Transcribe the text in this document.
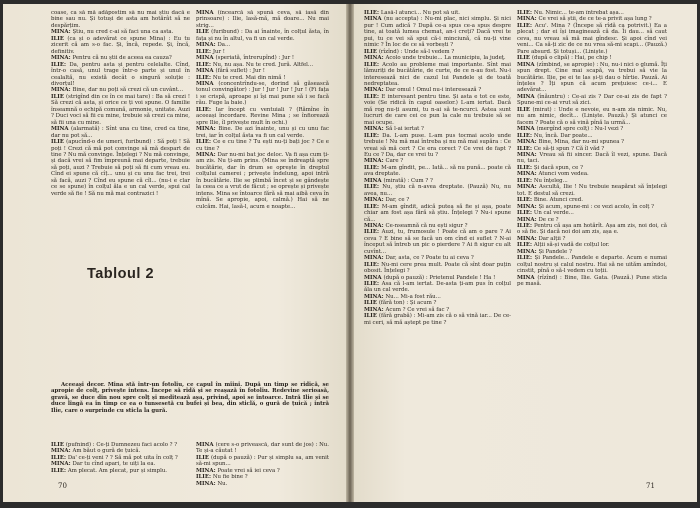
coase, ca să mă adăpostim sâ nu mai știu dacă e bine sau nu. Și totuși de asta am hotărât să ne despărțim.

MINA: Știu, nu cred c-ai să faci una ca asta.

ILIE (ca și o adevărat ce spune Mina) : Eu tu zicerit că am s-o fac. Și, încă, repede. Și, încă, definitiv.

MINA: Pentru că nu știi de aceea ea cauza?

ILIE: Da, pentru asta și pentru celelalte. Cînd, într-o casă, unul trage într-o parte și unul în cealaltă, nu există decât o singură soluție : divorțul!

MINA: Bine, dar nu poți să crezi că un cuvânt...

ILIE (strigînd din ce în ce mai tare) : Ba să crezi ! Să crezi că asta, și orice ce ți voi spune. O familie înseamnă o echipă comună, armonie, unitate. Auzi ? Duci voci să fii cu mine, trebuie să crezi ca mine, să fii una cu mine.

MINA (alarmată) : Sînt una cu tine, cred ca tine, dar nu pot să...

ILIE (apucînd-o de umeri, furibund) : Să poți ! Să poți ! Crezi că mă pot convinge să mă despart de tine ? Nu mă convinge. Înțelegi ? Nu mă convinge, și dacă vrei să fim împreună mai departe, trebuie să poți, auzi ? Trebuie să poți să fii cum vreau eu. Cînd ei spune că cîț... unu și cu unu fac trei, trei să facă, auzi ? Cînd eu spune că cîl... (nu-i e clar ce se spune) în colțul ăla e un cal verde, spui cal verde să fie ! Să nu mă mai contrazici !

MINA (încearcă să spună ceva, să iasă din prinsoare) : Ilie, lasă-mă, mă doare... Nu mai strig...

ILIE (furibund) : Da ai înainte, în colțul ăsta, în fața și nu în altul, va fi un cal verde.

MINA: Da...

ILIE: Jur !

MINA (speriată, întrerupînd) : Jur !

ILIE: Nu, nu așa. Nu te cred. Jură. Altfel...

MINA (fără suflet) : Jur !

ILIE: Nu te cred. Mai din nimă !

MINA (concentrîndu-se, dorind să găsească tonul convingător) : Jur ! Jur ! Jur ! Jur ! (Fi fața i se crispă, aproape și își mai pune să i se facă rău. Fuge la baie.)

ILIE: Iar încept cu ventuiali ? (Rămîne în aceeași încordare. Revine Mina ; se înfiorează spre Ilie, îl privește mult în ochi.)

MINA: Bine. De azi înainte, unu și cu unu fac trei, iar în colțul ăsta va fi un cal verde.

ILIE: Ce e cu tine ? Tu ești nu-ți bați joc ? Ce e cu tine ?

MINA: Dar nu-mi bat joc deloc. Va fi așa cum ți-am zis. Nu ți-am prins. (Mina se îndreaptă spre bucătărie, dar în drum se oprește în dreptul colțului camerei ; privește îndelung, apoi intră în bucătărie. Ilie se plimbă încet și se gândește la ceea ce a vrut de făcut ; se oprește și privește intens. Mina se întoarce fără să mai aibă ceva în mînă. Se apropie, apoi, calmă.) Hai să ne culcăm. Hai, lasă-l, acum e noapte...

Tabloul 2

Aceeași decor. Mina stă într-un fotoliu, ce capul în mîini. După un timp se ridică, se apropie de colț, privește intens. Începe să rîdă și se reașază în fotoliu. Redevine serioasă, gravă, se duce din nou spre colț și meditează așa, privind, apoi se întoarce. Intră Ilie și se duce lîngă ea în timp ce ea o tunsesetă cu bufei și bea, din sticlă, o gură de țuică ; intră Ilie, care o surprinde cu sticla la gură.

ILIE (pufnind) : Ce-ți Dumnezeu faci acolo ? ?

MINA: Am băut o gură de țuică.

ILIE: Da' ce-ți veni ? ? Să mă pot uita în colț ?

MINA: Dar tu cînd apari, te uiți la ea.

ILIE: Am plecat. Am plecat, pur și simplu.

MINA (cere s-o privească, dar sunt de jos) : Nu. Te și-a căutat !

ILIE (după o pauză) : Pur și simplu sa, am venit să-mi spun...

MINA: Poate vrei să iei ceva ?

ILIE: Nu fie bine ?

MINA: Nu.

70

ILIE: Lasă-l atunci... Nu pot să uit.

MINA (nu accepta) : Nu-mi plac, nici simplu. Și nici pur ! Cum adică ? După ce-a spus ce-a spus despre tine, ai toată lumea chemat, an-i creți? Dacă vrei te pui, tu ce vei să spui că-i minciună, că nu-ți vine nimic ? În loc de ce să vorbești ?

ILIE (rîzînd) : Unde să-l vedem ?

MINA: Acolo unde trebuie... La municipiu, la judeţ.

ILIE: Acolo au probleme mai importante. Sînt mai lămuriți de bucătărie, de curte, de ce n-au fost. Nu-i interesează nici de cazul lui Pandele și de toată nedreptatea.

MINA: Dar omul ! Omul nu-i interesează ?

ILIE: E interesant pentru tine. Și asta e tot ce este, voie (Se ridică în capul oaselor.) L-am iertat. Dacă mă rog nu-ți asumi, tu n-ai să te-ncurci. Astea sunt lucruri de care cei ce pun la cale nu trebuie să se mai ocupe.

MINA: Să l-ai iertat ?

ILIE: Da. L-am puse. L-am pus tocmai acolo unde trebuie ! Nu mă mai întreba și nu mă mai supăra : Ce vreai să mă cert ? Ce era corect ? Ce vrei de fapt ? Eu ce ? Da, dar ce vrei tu ?

MINA: Care ?

ILIE: M-am gîndit, pe... Iată... să nu pună... poate că ava dreptate.

MINA (mirată) : Cum ? ?

ILIE: Nu, știu că n-avea dreptate. (Pauză) Nu, nu avea, nu...

MINA: Dar, ce ?

ILIE: M-am gîndit, adică putea să fie și așa, poate chiar am fost așa fără să știu. Înțelegi ? Nu-i spune că...

MINA: Ce-nseamnă că nu ești sigur ?

ILIE: Auzi, tu, frumosule ! Poate că am o pare ? Ai ceva ? E bine să se facă un om cînd ei suflet ? N-ai început să întreb un pic o pierdere ? Ai fi sigur cu alt cuvînt...

MINA: Dar, asta, ce ? Poate tu ai ceva ?

ILIE: Nu-mi cere prea mult. Poate că sînt doar puțin obosit. Înțelegi ?

MINA (după o pauză) : Prietenul Pandele ! Ha !

ILIE: Asa că l-am iertat. De-asta ți-am pus în colțul ăla un cal verde.

MINA: Nu... Mi-a fost rău...

ILIE (fără ton) : Și acum ?

MINA: Acum ? Ce vrei să fac ?

ILIE (fără grabă) : Mi-am zis că o să vină iar... De ce-mi ceri, să mă aștept pe tine ?

ILIE: Nu. Nimic... te-am întrebat așa...

MINA: Ce vrei să știi, de ce te-a privit așa lung ?

ILIE: Acu'. Mina ? (Începe să rîdă ca potrivit.) Ea a plecat ; dar ei își imaginează că da. Îi dau... să caut ceva, nu vreau să mă mai gîndesc. Și apoi cînd vei veni... Ca să-ți zic de ce nu vrea să-mi scapi... (Pauză.) Pare absurd. Și totuși... (Liniște.)

ILIE (după o clipă) : Hai, pe chip !

MINA (zîmbind, se apropie) : Nu, nu-i nici o glumă. Îți spun drept. Cine mai scapă, va trebui să vie la bucătărie. Ilie, pe ei te las și-ți dau o hîrtie. Pauză. Ai înțeles ? Îți spun că acum prețuiesc ce-i... E adevărat...

MINA (înăuntru) : Ce-ai zis ? Dar ce-ai zis de fapt ? Spune-mi ce-ai vrut să zici.

ILIE (mirat) : Unde e nevoie, eu n-am zis nimic. Nu, nu am nimic, decît... (Liniște. Pauză.) Și atunci ce facem ? Poate că o să vină pînă la urmă...

MINA (mergînd spre colț) : Nu-l vezi ?

ILIE: Nu, încă. Dar poate...

MINA: Bine, Mina, dar nu-mi spunea ?

ILIE: Ce să-ți spun ? Că îl văd ?

MINA: Vreau să fii sincer. Dacă îl vezi, spune. Dacă nu, taci.

ILIE: Și dacă spun, ce ?

MINA: Atunci vom vedea.

ILIE: Nu înțeleg...

MINA: Ascultă, Ilie ! Nu trebuie neapărat să înțelegi tot. E destul să crezi.

ILIE: Bine. Atunci cred.

MINA: Și acum, spune-mi : ce vezi acolo, în colț ?

ILIE: Un cal verde...

MINA: De ce ?

ILIE: Pentru că așa am hotărît. Așa am zis, noi doi, că o să fie. Și dacă noi doi am zis, așa e.

MINA: Dar alții ?

ILIE: Alții să-și vadă de colțul lor.

MINA: Și Pandele ?

ILIE: Și Pandele... Pandele e departe. Acum e numai colțul nostru și calul nostru. Hai să ne uităm amîndoi, cinstit, pînă o să-l vedem cu toții.

MINA (rîzînd) : Bine, Ilie. Gata. (Pauză.) Pune sticla pe masă.

71
